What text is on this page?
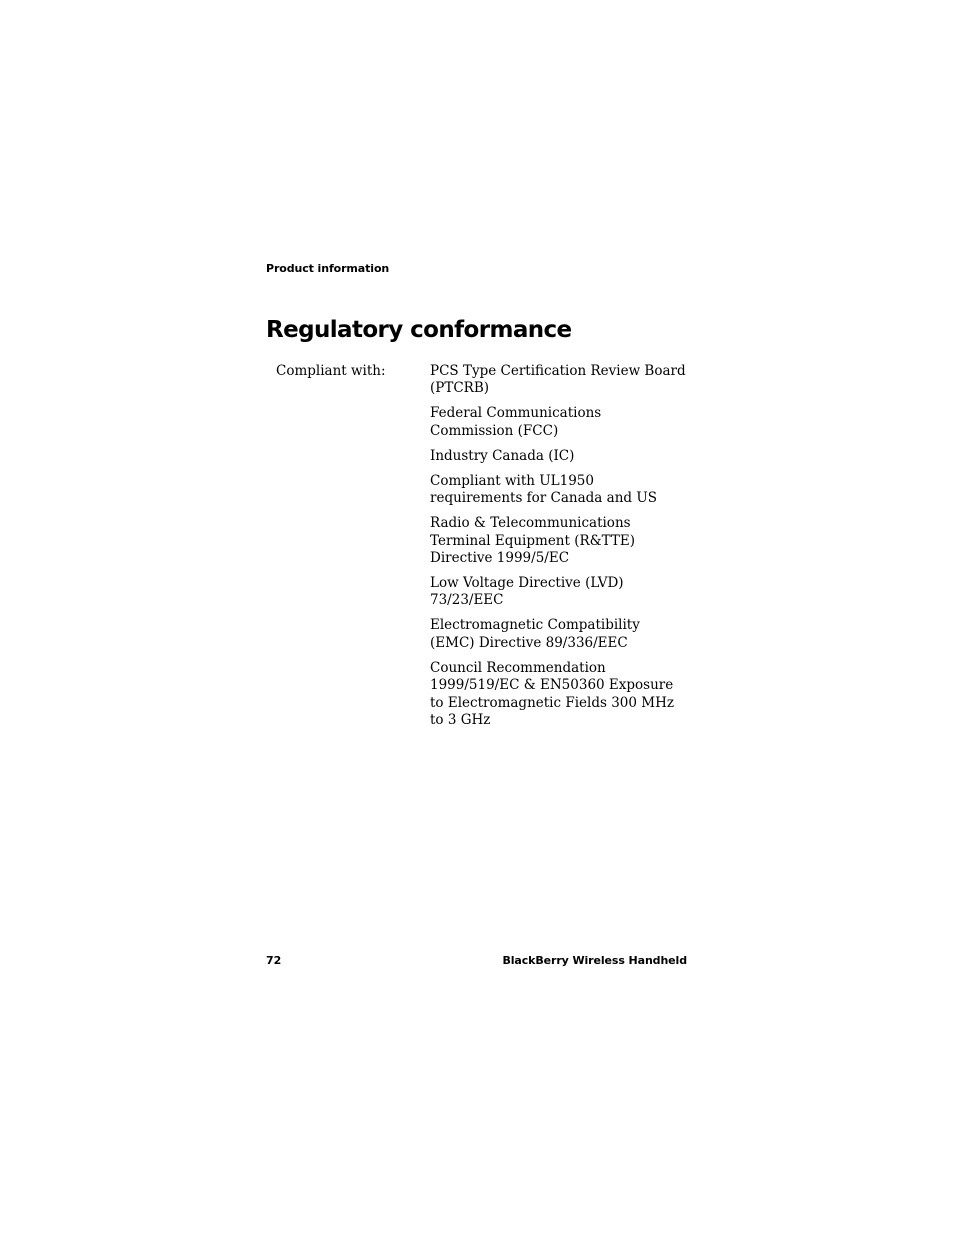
Product information
Regulatory conformance
Compliant with:	PCS Type Certification Review Board (PTCRB)
Federal Communications Commission (FCC)
Industry Canada (IC)
Compliant with UL1950 requirements for Canada and US
Radio & Telecommunications Terminal Equipment (R&TTE) Directive 1999/5/EC
Low Voltage Directive (LVD) 73/23/EEC
Electromagnetic Compatibility (EMC) Directive 89/336/EEC
Council Recommendation 1999/519/EC & EN50360 Exposure to Electromagnetic Fields 300 MHz to 3 GHz
72	BlackBerry Wireless Handheld
